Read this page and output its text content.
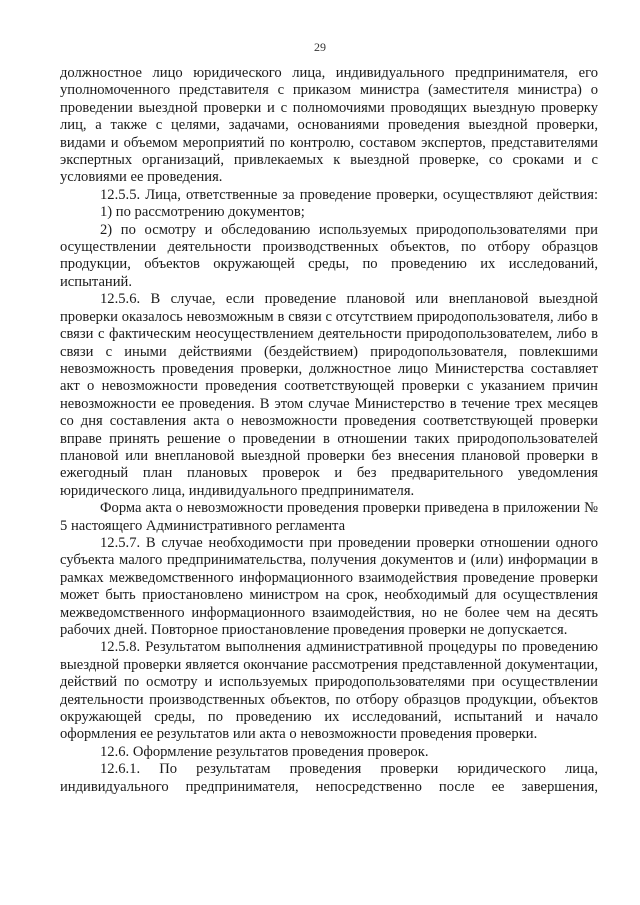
29

должностное лицо юридического лица, индивидуального предпринимателя, его уполномоченного представителя с приказом министра (заместителя министра) о проведении выездной проверки и с полномочиями проводящих выездную проверку лиц, а также с целями, задачами, основаниями проведения выездной проверки, видами и объемом мероприятий по контролю, составом экспертов, представителями экспертных организаций, привлекаемых к выездной проверке, со сроками и с условиями ее проведения.

12.5.5. Лица, ответственные за проведение проверки, осуществляют действия:

1) по рассмотрению документов;

2) по осмотру и обследованию используемых природопользователями при осуществлении деятельности производственных объектов, по отбору образцов продукции, объектов окружающей среды, по проведению их исследований, испытаний.

12.5.6. В случае, если проведение плановой или внеплановой выездной проверки оказалось невозможным в связи с отсутствием природопользователя, либо в связи с фактическим неосуществлением деятельности природопользователем, либо в связи с иными действиями (бездействием) природопользователя, повлекшими невозможность проведения проверки, должностное лицо Министерства составляет акт о невозможности проведения соответствующей проверки с указанием причин невозможности ее проведения. В этом случае Министерство в течение трех месяцев со дня составления акта о невозможности проведения соответствующей проверки вправе принять решение о проведении в отношении таких природопользователей плановой или внеплановой выездной проверки без внесения плановой проверки в ежегодный план плановых проверок и без предварительного уведомления юридического лица, индивидуального предпринимателя.

Форма акта о невозможности проведения проверки приведена в приложении № 5 настоящего Административного регламента

12.5.7. В случае необходимости при проведении проверки отношении одного субъекта малого предпринимательства, получения документов и (или) информации в рамках межведомственного информационного взаимодействия проведение проверки может быть приостановлено министром на срок, необходимый для осуществления межведомственного информационного взаимодействия, но не более чем на десять рабочих дней. Повторное приостановление проведения проверки не допускается.

12.5.8. Результатом выполнения административной процедуры по проведению выездной проверки является окончание рассмотрения представленной документации, действий по осмотру и используемых природопользователями при осуществлении деятельности производственных объектов, по отбору образцов продукции, объектов окружающей среды, по проведению их исследований, испытаний и начало оформления ее результатов или акта о невозможности проведения проверки.

12.6. Оформление результатов проведения проверок.

12.6.1. По результатам проведения проверки юридического лица, индивидуального предпринимателя, непосредственно после ее завершения,
